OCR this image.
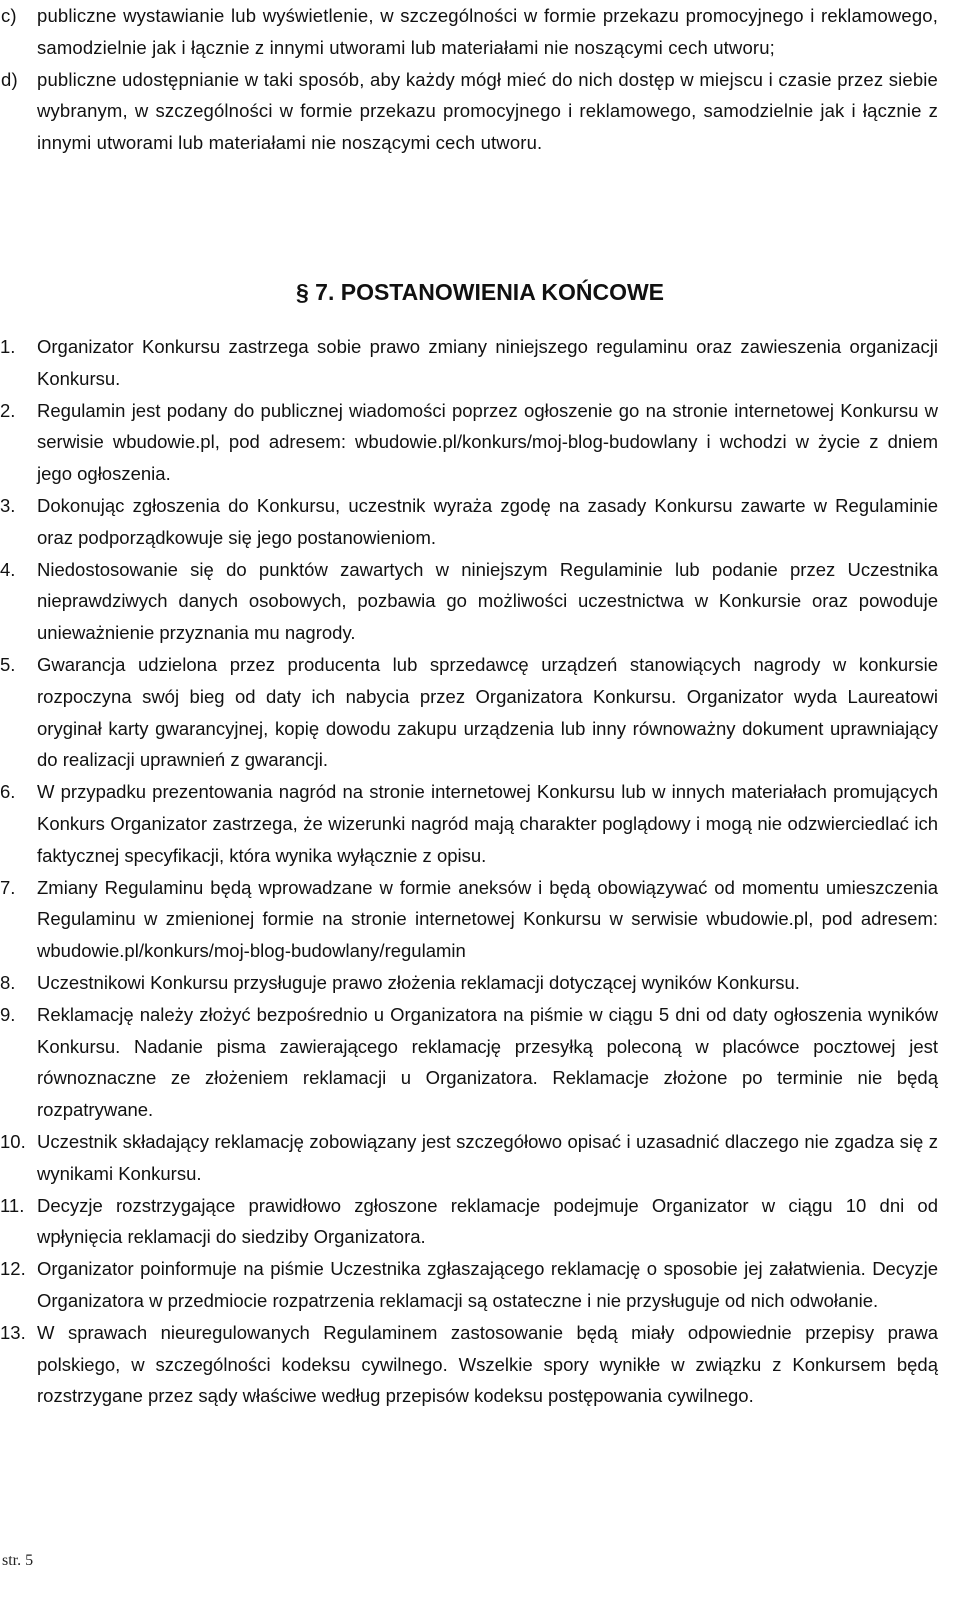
c)	publiczne wystawianie lub wyświetlenie, w szczególności w formie przekazu promocyjnego i reklamowego, samodzielnie jak i łącznie z innymi utworami lub materiałami nie noszącymi cech utworu;
d)	publiczne udostępnianie w taki sposób, aby każdy mógł mieć do nich dostęp w miejscu i czasie przez siebie wybranym, w szczególności w formie przekazu promocyjnego i reklamowego, samodzielnie jak i łącznie z innymi utworami lub materiałami nie noszącymi cech utworu.
§ 7. POSTANOWIENIA KOŃCOWE
1.	Organizator Konkursu zastrzega sobie prawo zmiany niniejszego regulaminu oraz zawieszenia organizacji Konkursu.
2.	Regulamin jest podany do publicznej wiadomości poprzez ogłoszenie go na stronie internetowej Konkursu w serwisie wbudowie.pl, pod adresem: wbudowie.pl/konkurs/moj-blog-budowlany i wchodzi w życie z dniem jego ogłoszenia.
3.	Dokonując zgłoszenia do Konkursu, uczestnik wyraża zgodę na zasady Konkursu zawarte w Regulaminie oraz podporządkowuje się jego postanowieniom.
4.	Niedostosowanie się do punktów zawartych w niniejszym Regulaminie lub podanie przez Uczestnika nieprawdziwych danych osobowych, pozbawia go możliwości uczestnictwa w Konkursie oraz powoduje unieważnienie przyznania mu nagrody.
5.	Gwarancja udzielona przez producenta lub sprzedawcę urządzeń stanowiących nagrody w konkursie rozpoczyna swój bieg od daty ich nabycia przez Organizatora Konkursu. Organizator wyda Laureatowi oryginał karty gwarancyjnej, kopię dowodu zakupu urządzenia lub inny równoważny dokument uprawniający do realizacji uprawnień z gwarancji.
6.	W przypadku prezentowania nagród na stronie internetowej Konkursu lub w innych materiałach promujących Konkurs Organizator zastrzega, że wizerunki nagród mają charakter poglądowy i mogą nie odzwierciedlać ich faktycznej specyfikacji, która wynika wyłącznie z opisu.
7.	Zmiany Regulaminu będą wprowadzane w formie aneksów i będą obowiązywać od momentu umieszczenia Regulaminu w zmienionej formie na stronie internetowej Konkursu w serwisie wbudowie.pl, pod adresem: wbudowie.pl/konkurs/moj-blog-budowlany/regulamin
8.	Uczestnikowi Konkursu przysługuje prawo złożenia reklamacji dotyczącej wyników Konkursu.
9.	Reklamację należy złożyć bezpośrednio u Organizatora na piśmie w ciągu 5 dni od daty ogłoszenia wyników Konkursu. Nadanie pisma zawierającego reklamację przesyłką poleconą w placówce pocztowej jest równoznaczne ze złożeniem reklamacji u Organizatora. Reklamacje złożone po terminie nie będą rozpatrywane.
10. Uczestnik składający reklamację zobowiązany jest szczegółowo opisać i uzasadnić dlaczego nie zgadza się z wynikami Konkursu.
11. Decyzje rozstrzygające prawidłowo zgłoszone reklamacje podejmuje Organizator w ciągu 10 dni od wpłynięcia reklamacji do siedziby Organizatora.
12. Organizator poinformuje na piśmie Uczestnika zgłaszającego reklamację o sposobie jej załatwienia. Decyzje Organizatora w przedmiocie rozpatrzenia reklamacji są ostateczne i nie przysługuje od nich odwołanie.
13. W sprawach nieuregulowanych Regulaminem zastosowanie będą miały odpowiednie przepisy prawa polskiego, w szczególności kodeksu cywilnego. Wszelkie spory wynikłe w związku z Konkursem będą rozstrzygane przez sądy właściwe według przepisów kodeksu postępowania cywilnego.
str. 5
